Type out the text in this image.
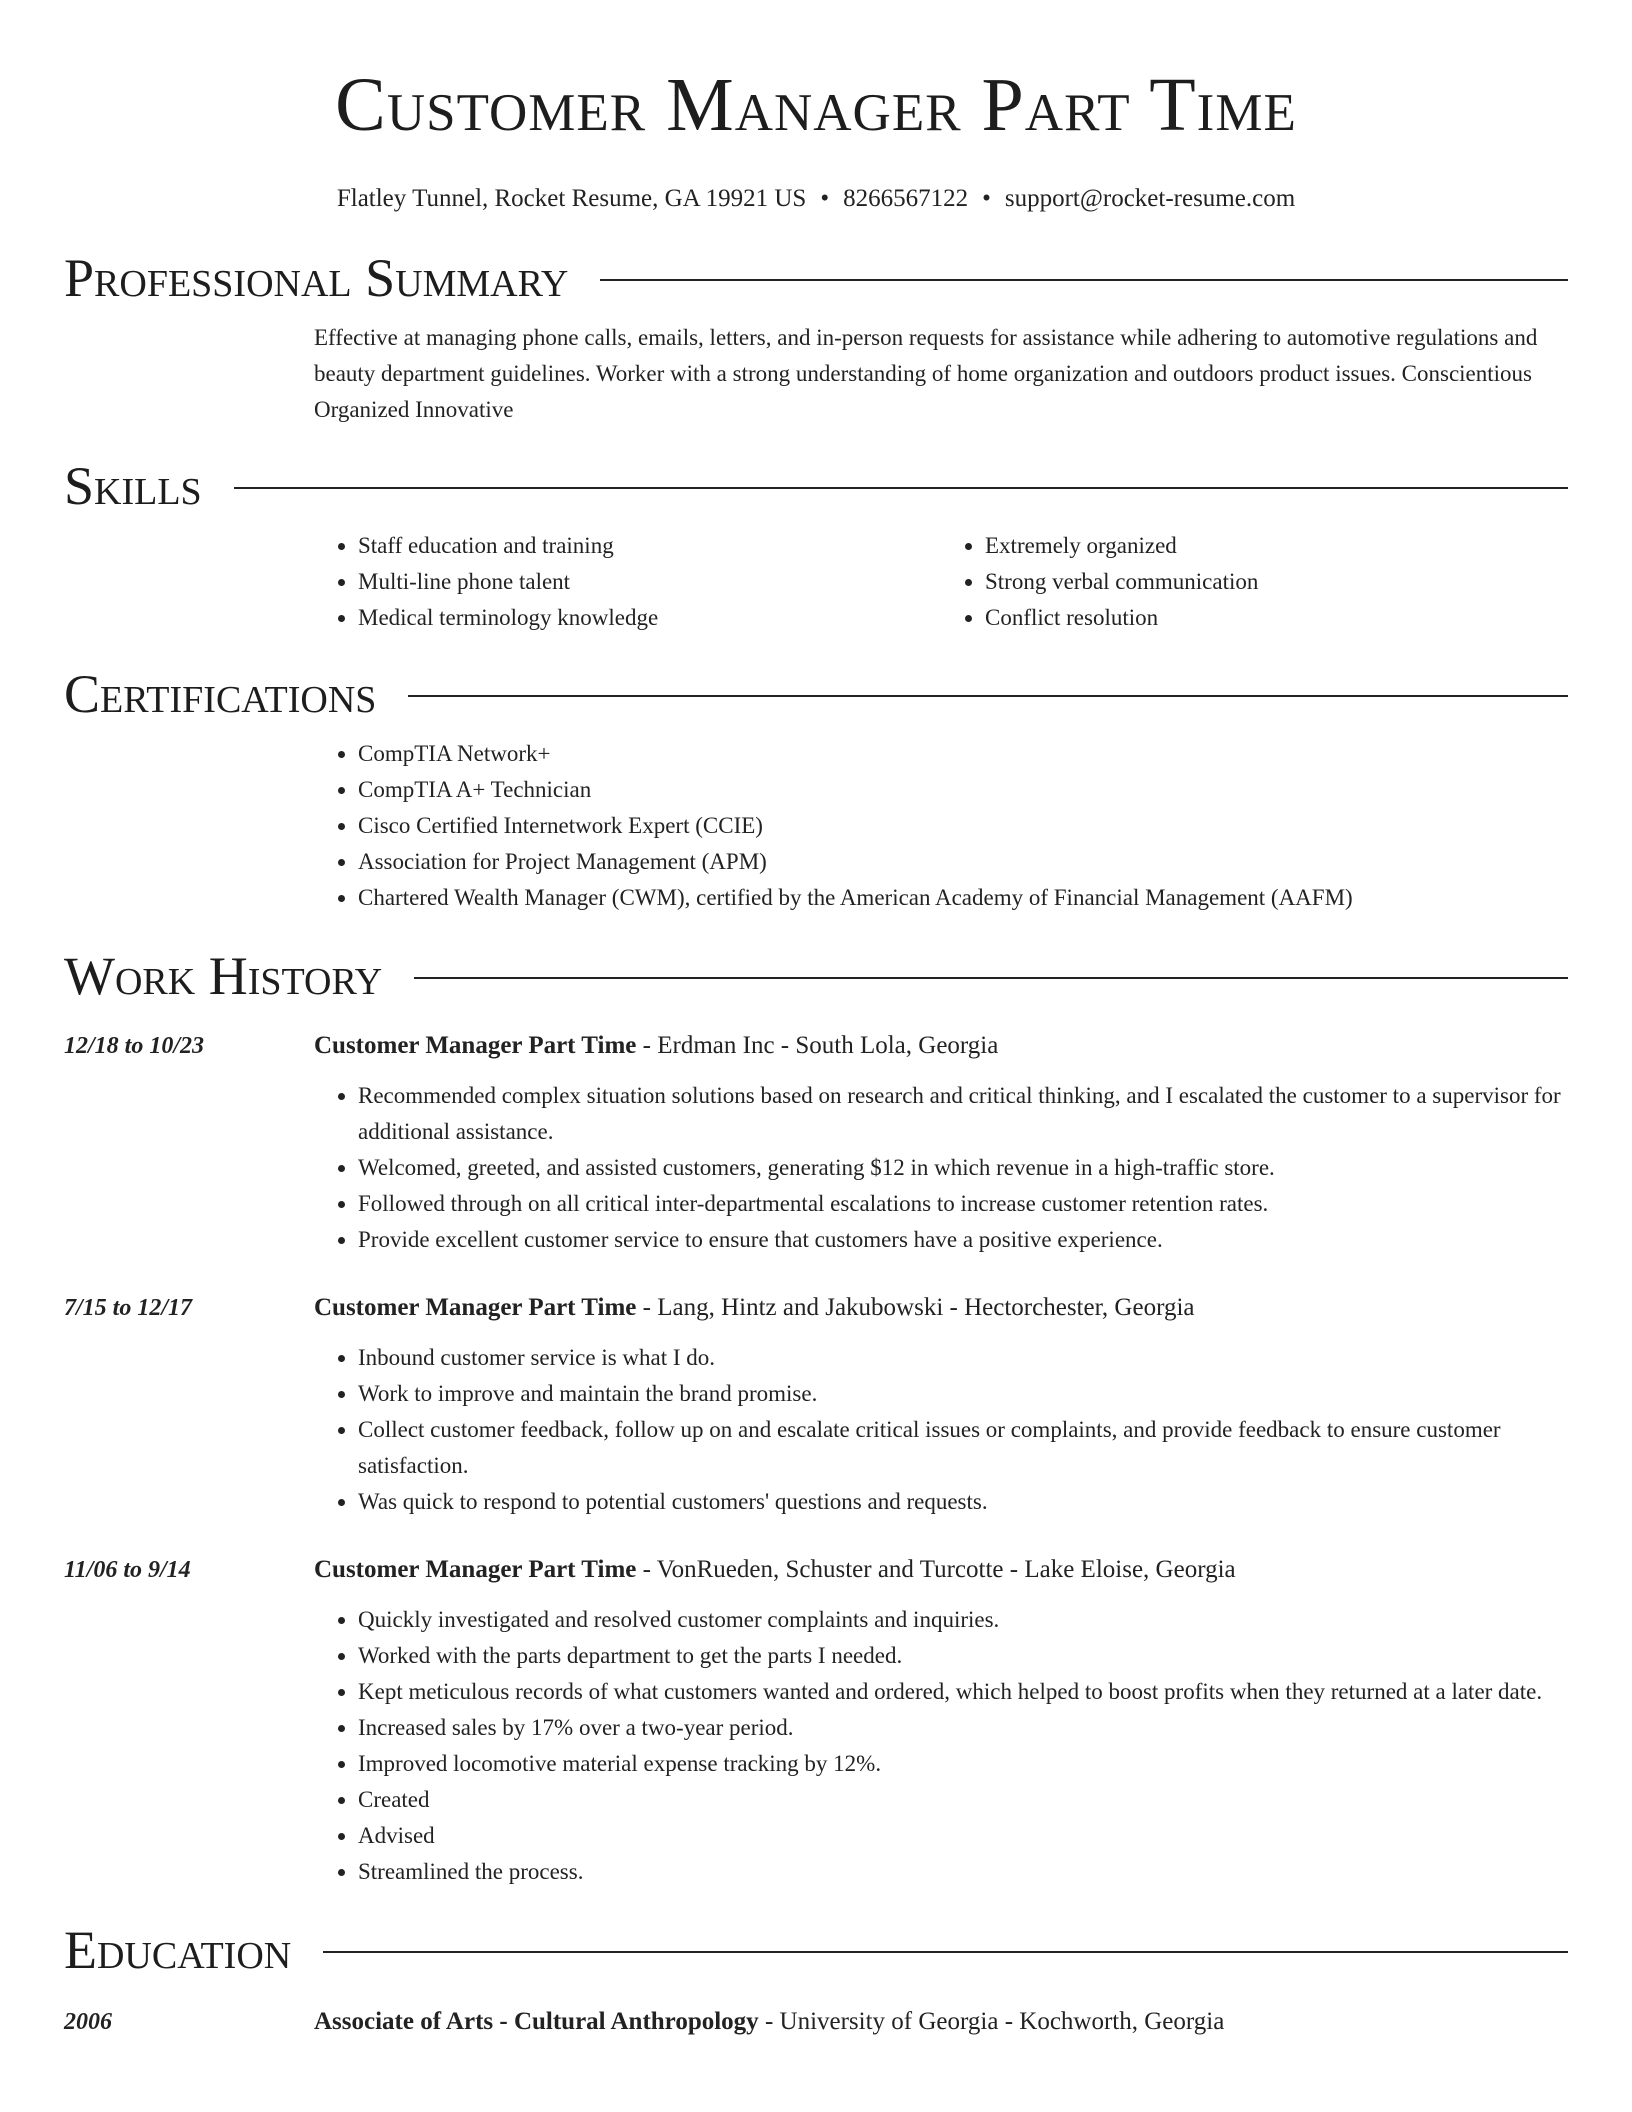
Customer Manager Part Time
Flatley Tunnel, Rocket Resume, GA 19921 US • 8266567122 • support@rocket-resume.com
Professional Summary

Effective at managing phone calls, emails, letters, and in-person requests for assistance while adhering to automotive regulations and beauty department guidelines. Worker with a strong understanding of home organization and outdoors product issues. Conscientious Organized Innovative

Skills
• Staff education and training
• Multi-line phone talent
• Medical terminology knowledge
• Extremely organized
• Strong verbal communication
• Conflict resolution
Certifications
• CompTIA Network+
• CompTIA A+ Technician
• Cisco Certified Internetwork Expert (CCIE)
• Association for Project Management (APM)
• Chartered Wealth Manager (CWM), certified by the American Academy of Financial Management (AAFM)
Work History
12/18 to 10/23	Customer Manager Part Time - Erdman Inc - South Lola, Georgia
• Recommended complex situation solutions based on research and critical thinking, and I escalated the customer to a supervisor for additional assistance.
• Welcomed, greeted, and assisted customers, generating $12 in which revenue in a high-traffic store.
• Followed through on all critical inter-departmental escalations to increase customer retention rates.
• Provide excellent customer service to ensure that customers have a positive experience.
7/15 to 12/17	Customer Manager Part Time - Lang, Hintz and Jakubowski - Hectorchester, Georgia
• Inbound customer service is what I do.
• Work to improve and maintain the brand promise.
• Collect customer feedback, follow up on and escalate critical issues or complaints, and provide feedback to ensure customer satisfaction.
• Was quick to respond to potential customers' questions and requests.
11/06 to 9/14	Customer Manager Part Time - VonRueden, Schuster and Turcotte - Lake Eloise, Georgia
• Quickly investigated and resolved customer complaints and inquiries.
• Worked with the parts department to get the parts I needed.
• Kept meticulous records of what customers wanted and ordered, which helped to boost profits when they returned at a later date.
• Increased sales by 17% over a two-year period.
• Improved locomotive material expense tracking by 12%.
• Created
• Advised
• Streamlined the process.
Education
2006	Associate of Arts - Cultural Anthropology - University of Georgia - Kochworth, Georgia
